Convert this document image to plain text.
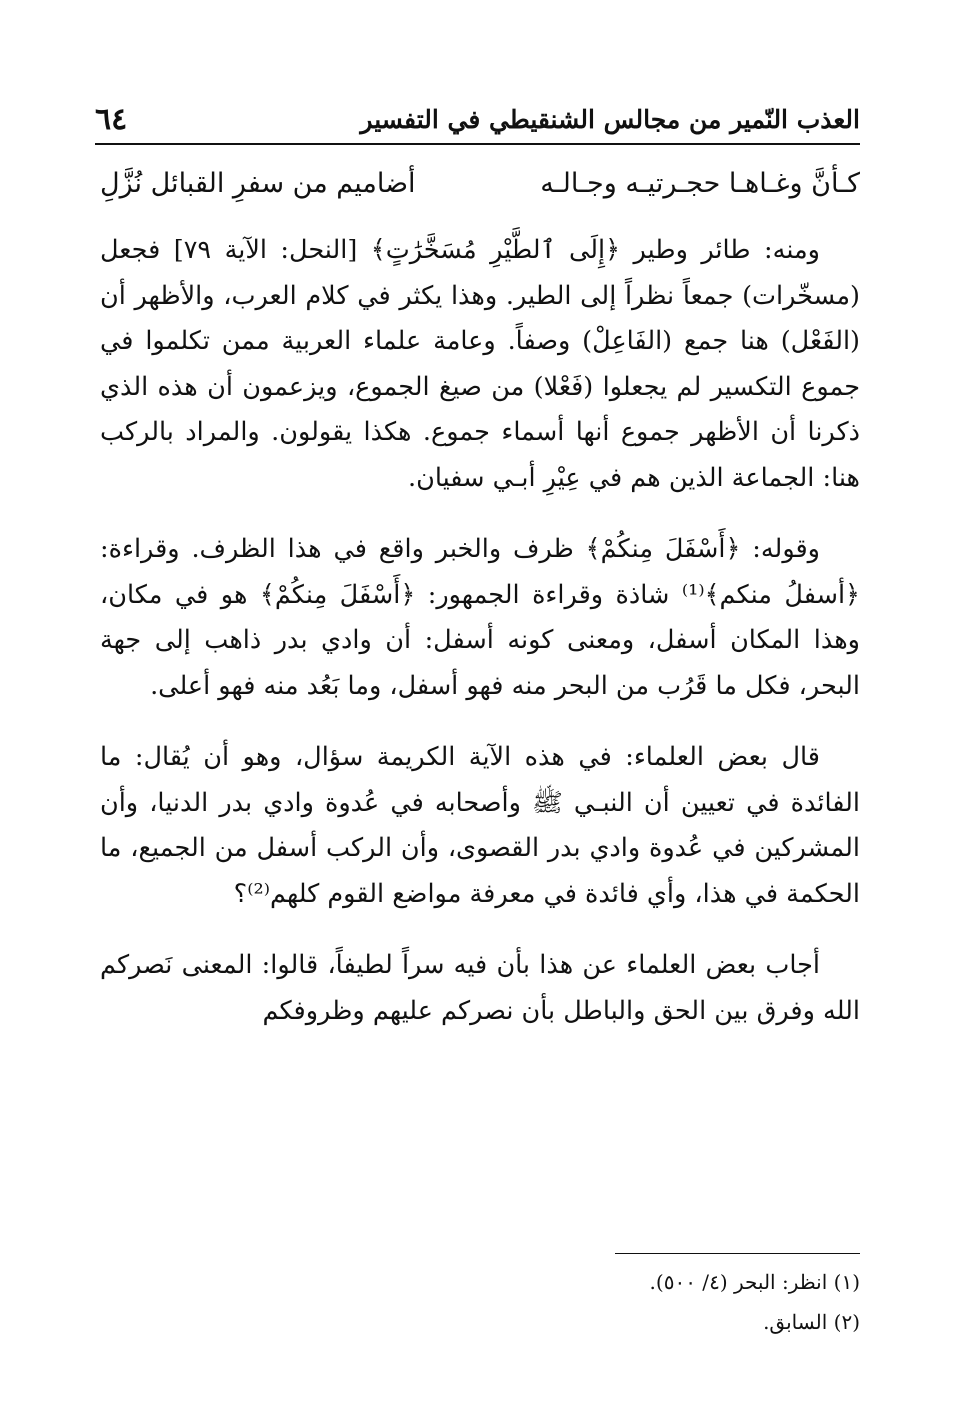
العذب النّمير من مجالس الشنقيطي في التفسير
٦٤
كـأنَّ وغـاهـا حجـرتيـه وجـالـه
أضاميم من سفرِ القبائل نُزَّلِ

ومنه: طائر وطير ﴿إِلَى ٱلطَّيْرِ مُسَخَّرَٰتٍ﴾ [النحل: الآية ٧٩] فجعل (مسخّرات) جمعاً نظراً إلى الطير. وهذا يكثر في كلام العرب، والأظهر أن (الفَعْل) هنا جمع (الفَاعِلْ) وصفاً. وعامة علماء العربية ممن تكلموا في جموع التكسير لم يجعلوا (فَعْلا) من صيغ الجموع، ويزعمون أن هذه الذي ذكرنا أن الأظهر جموع أنها أسماء جموع. هكذا يقولون. والمراد بالركب هنا: الجماعة الذين هم في عِيْرِ أبـي سفيان.

وقوله: ﴿أَسْفَلَ مِنكُمْ﴾ ظرف والخبر واقع في هذا الظرف. وقراءة: ﴿أسفلُ منكم﴾⁽¹⁾ شاذة وقراءة الجمهور: ﴿أَسْفَلَ مِنكُمْ﴾ هو في مكان، وهذا المكان أسفل، ومعنى كونه أسفل: أن وادي بدر ذاهب إلى جهة البحر، فكل ما قَرُب من البحر منه فهو أسفل، وما بَعُد منه فهو أعلى.

قال بعض العلماء: في هذه الآية الكريمة سؤال، وهو أن يُقال: ما الفائدة في تعيين أن النبـي ﷺ وأصحابه في عُدوة وادي بدر الدنيا، وأن المشركين في عُدوة وادي بدر القصوى، وأن الركب أسفل من الجميع، ما الحكمة في هذا، وأي فائدة في معرفة مواضع القوم كلهم⁽²⁾؟

أجاب بعض العلماء عن هذا بأن فيه سراً لطيفاً، قالوا: المعنى نَصركم الله وفرق بين الحق والباطل بأن نصركم عليهم وظروفكم

(١) انظر: البحر (٤/ ٥٠٠).
(٢) السابق.
